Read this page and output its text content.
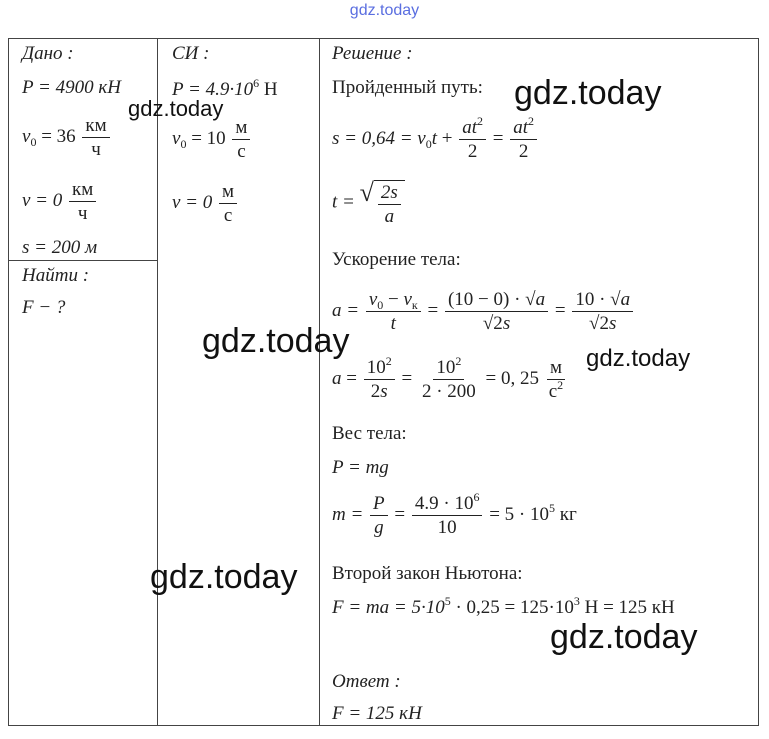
gdz.today
Дано :
P = 4900 кН
$v_0 = 36 \frac{км}{ч}$
$v = 0 \frac{км}{ч}$
s = 200 м
Найти :
F − ?
СИ :
$P = 4.9\cdot 10^6$ Н
$v_0 = 10 \frac{м}{с}$
$v = 0 \frac{м}{с}$
Решение :
Пройденный путь:
$s = 0,64 = v_0t + \frac{at^2}{2} = \frac{at^2}{2}$
t = √ $\frac{2s}{a}$
Ускорение тела:
$a = \frac{v_0 - v_к}{t} = \frac{(10 - 0) \cdot √a}{√2s} = \frac{10 \cdot √a}{√2s}$
$a = \frac{10^2}{2s} = \frac{10^2}{2 \cdot 200} = 0$, $25 \frac{м}{с^2}$
Вес тела:
P = mg
$m = \frac{P}{g} = \frac{4.9 \cdot 10^6}{10} = 5 \cdot 10^5$ кг
Второй закон Ньютона:
F = ma = $5\cdot 10^5 \cdot 0,25 = 125\cdot 10^3$ Н = 125 кН
Ответ :
F = 125 кН
gdz.today
gdz.today
gdz.today	gdz.today
gdz.today
gdz.today
